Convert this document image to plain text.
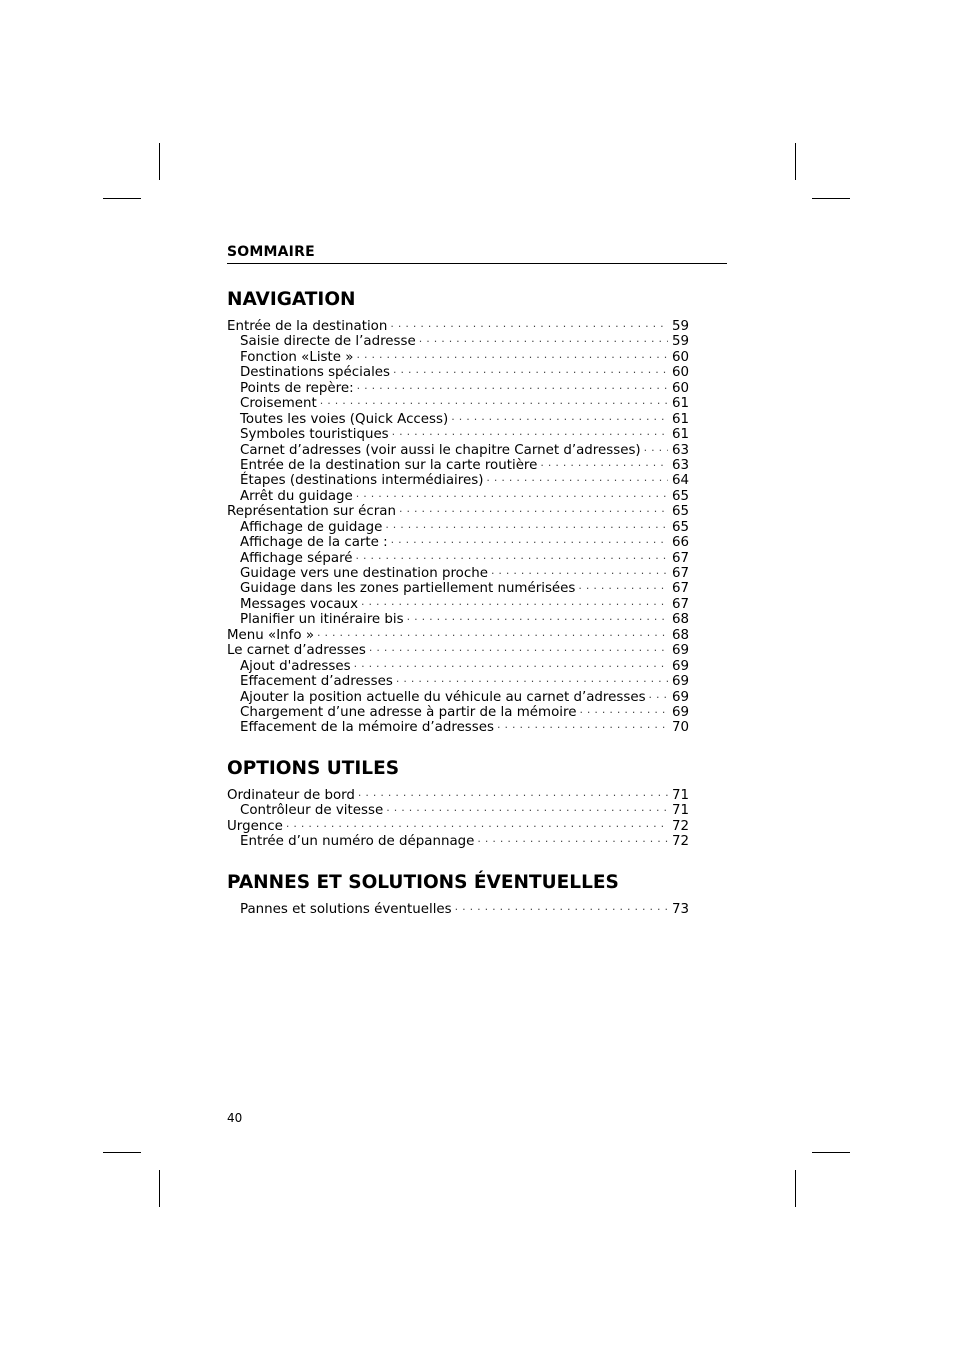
SOMMAIRE
NAVIGATION
Entrée de la destination · · ·	59
Saisie directe de l’adresse · · ·	59
Fonction «Liste » · · ·	60
Destinations spéciales · · ·	60
Points de repère: · · ·	60
Croisement · · ·	61
Toutes les voies (Quick Access) · · ·	61
Symboles touristiques · · ·	61
Carnet d’adresses (voir aussi le chapitre Carnet d’adresses) · · · 63
Entrée de la destination sur la carte routière · · ·	63
Étapes (destinations intermédiaires) · · ·	64
Arrêt du guidage · · ·	65
Représentation sur écran · · ·	65
Affichage de guidage · · ·	65
Affichage de la carte : · · ·	66
Affichage séparé · · ·	67
Guidage vers une destination proche · · ·	67
Guidage dans les zones partiellement numérisées · · ·	67
Messages vocaux · · ·	67
Planifier un itinéraire bis · · ·	68
Menu «Info » · · ·	68
Le carnet d’adresses · · ·	69
Ajout d'adresses · · ·	69
Effacement d’adresses · · ·	69
Ajouter la position actuelle du véhicule au carnet d’adresses · · · 69
Chargement d’une adresse à partir de la mémoire · · ·	69
Effacement de la mémoire d’adresses · · ·	70
OPTIONS UTILES
Ordinateur de bord · · ·	71
Contrôleur de vitesse · · ·	71
Urgence · · ·	72
Entrée d’un numéro de dépannage · · ·	72
PANNES ET SOLUTIONS ÉVENTUELLES
Pannes et solutions éventuelles · · ·	73
40
